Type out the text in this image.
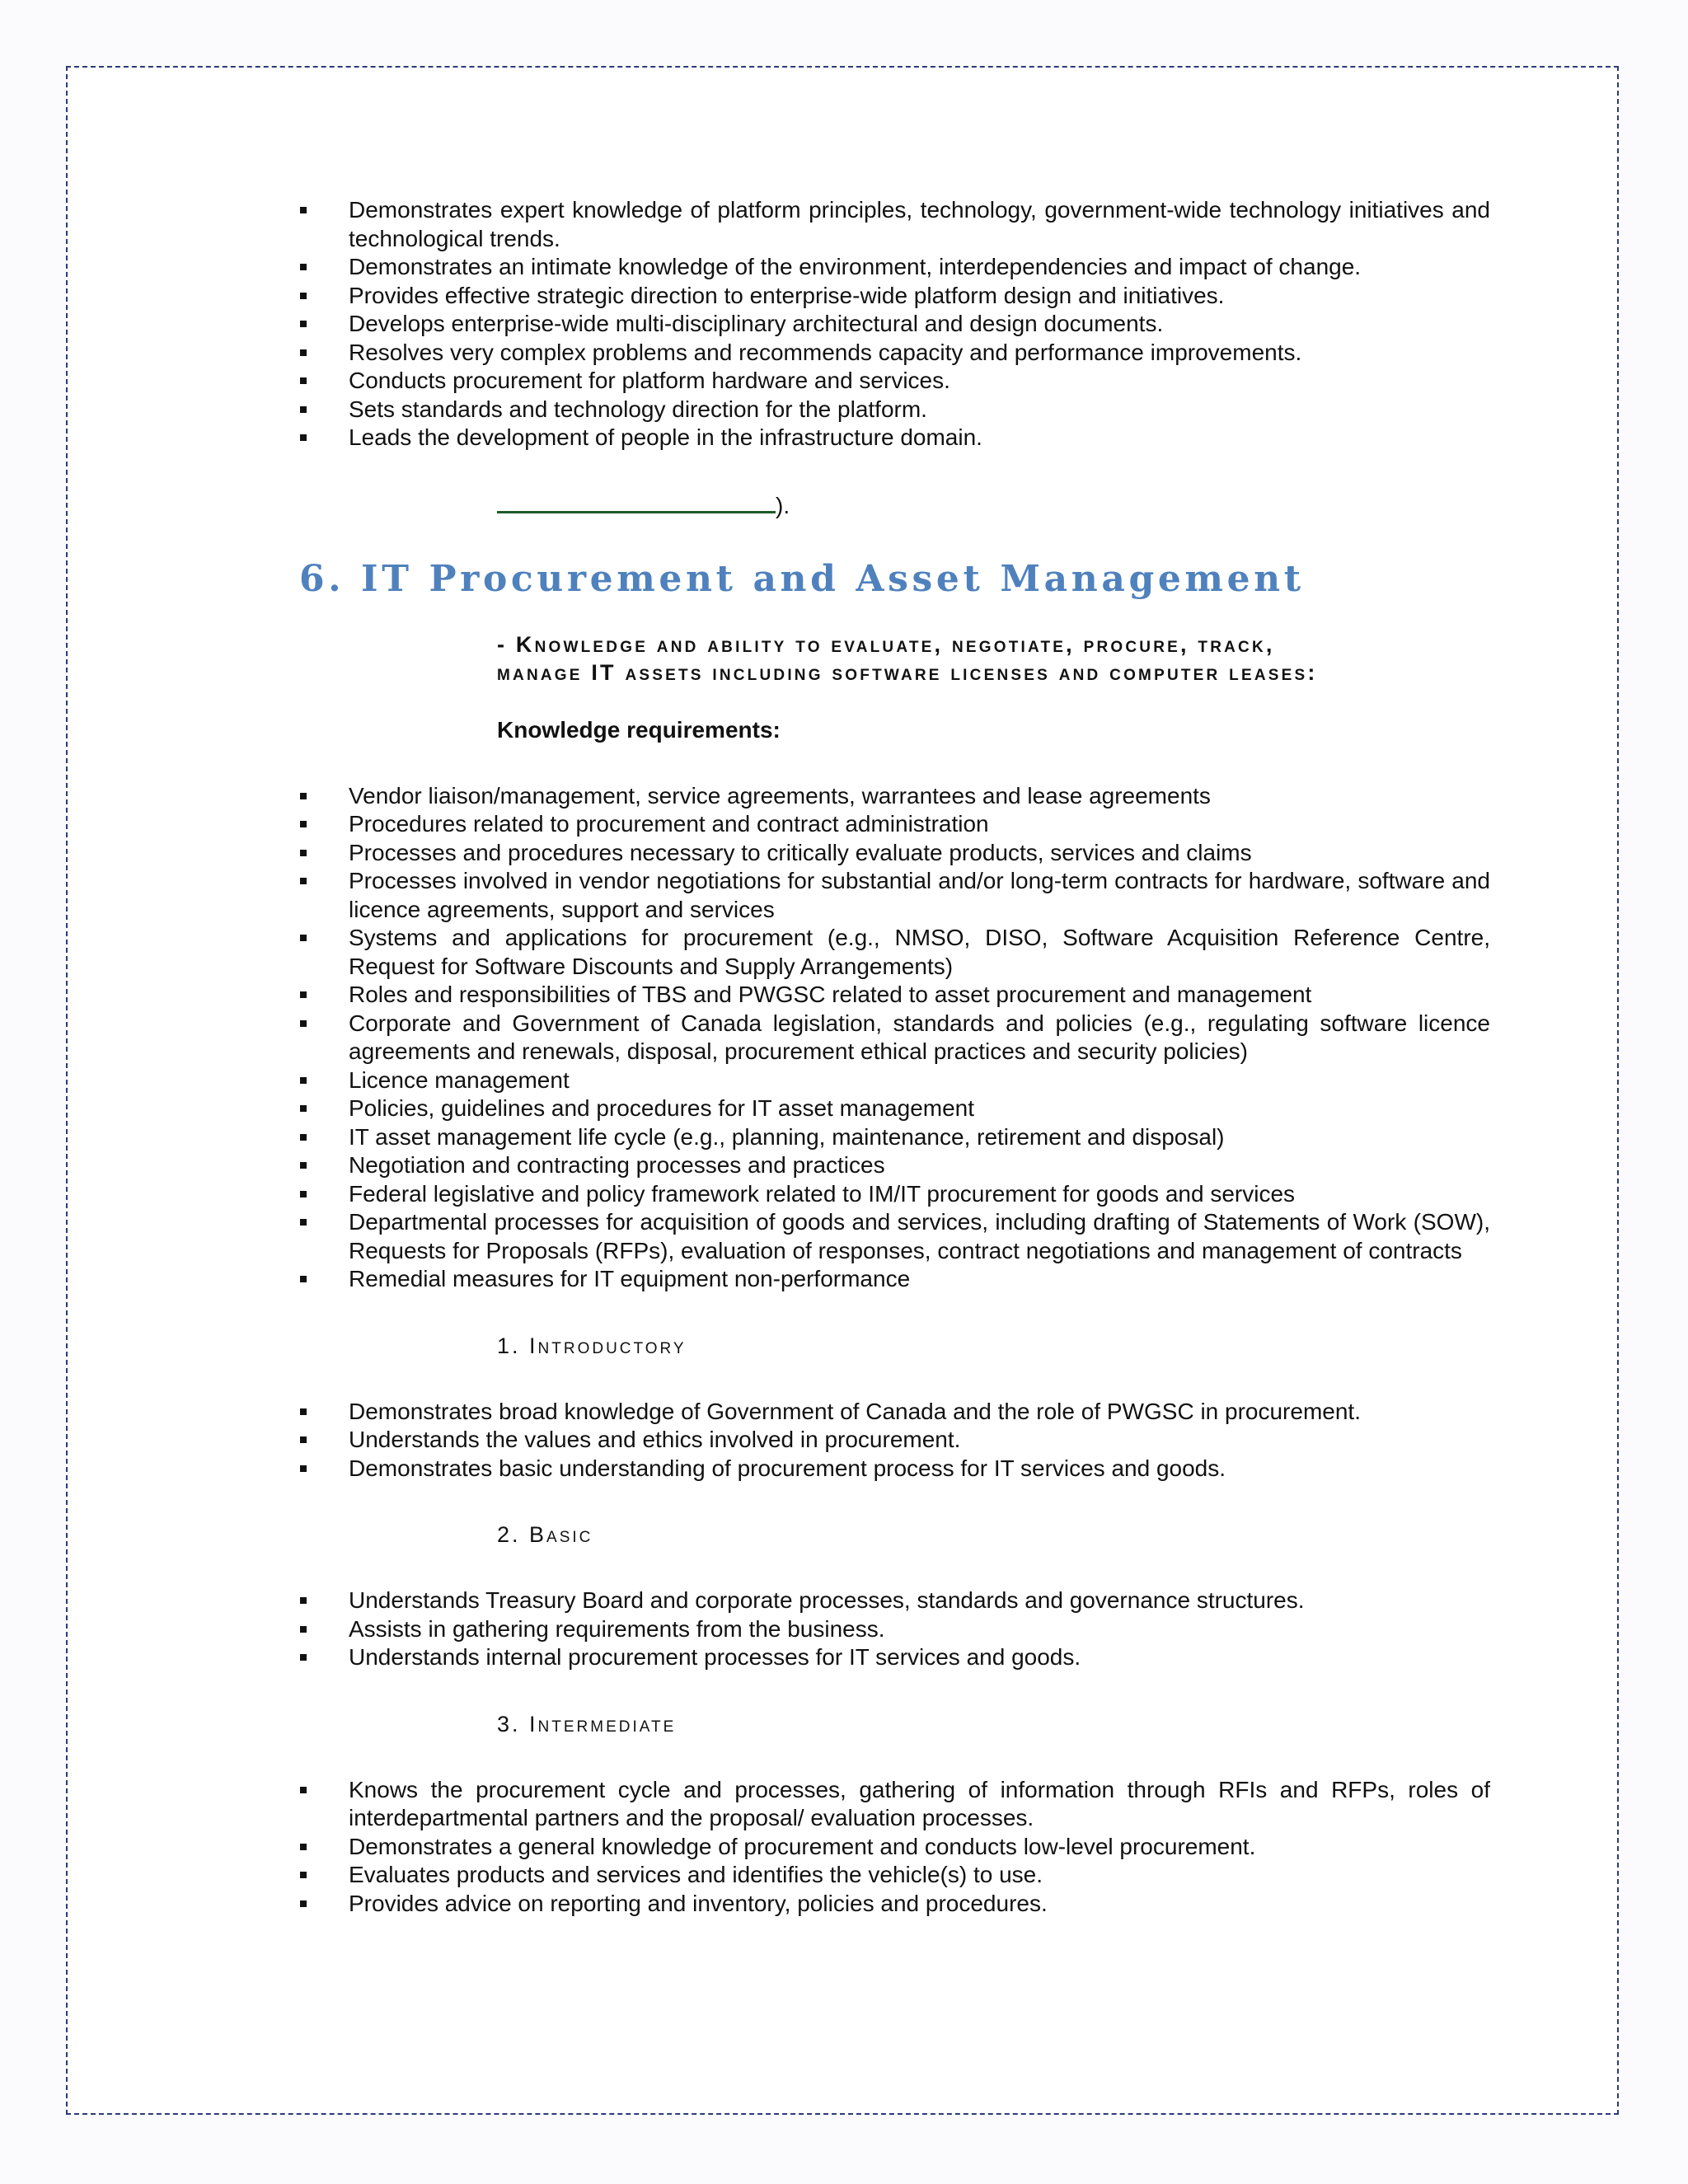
Demonstrates expert knowledge of platform principles, technology, government-wide technology initiatives and technological trends.
Demonstrates an intimate knowledge of the environment, interdependencies and impact of change.
Provides effective strategic direction to enterprise-wide platform design and initiatives.
Develops enterprise-wide multi-disciplinary architectural and design documents.
Resolves very complex problems and recommends capacity and performance improvements.
Conducts procurement for platform hardware and services.
Sets standards and technology direction for the platform.
Leads the development of people in the infrastructure domain.
).
6. IT Procurement and Asset Management
- Knowledge and ability to evaluate, negotiate, procure, track,
manage IT assets including software licenses and computer leases:
Knowledge requirements:
Vendor liaison/management, service agreements, warrantees and lease agreements
Procedures related to procurement and contract administration
Processes and procedures necessary to critically evaluate products, services and claims
Processes involved in vendor negotiations for substantial and/or long-term contracts for hardware, software and licence agreements, support and services
Systems and applications for procurement (e.g., NMSO, DISO, Software Acquisition Reference Centre, Request for Software Discounts and Supply Arrangements)
Roles and responsibilities of TBS and PWGSC related to asset procurement and management
Corporate and Government of Canada legislation, standards and policies (e.g., regulating software licence agreements and renewals, disposal, procurement ethical practices and security policies)
Licence management
Policies, guidelines and procedures for IT asset management
IT asset management life cycle (e.g., planning, maintenance, retirement and disposal)
Negotiation and contracting processes and practices
Federal legislative and policy framework related to IM/IT procurement for goods and services
Departmental processes for acquisition of goods and services, including drafting of Statements of Work (SOW), Requests for Proposals (RFPs), evaluation of responses, contract negotiations and management of contracts
Remedial measures for IT equipment non-performance
1. Introductory
Demonstrates broad knowledge of Government of Canada and the role of PWGSC in procurement.
Understands the values and ethics involved in procurement.
Demonstrates basic understanding of procurement process for IT services and goods.
2. Basic
Understands Treasury Board and corporate processes, standards and governance structures.
Assists in gathering requirements from the business.
Understands internal procurement processes for IT services and goods.
3. Intermediate
Knows the procurement cycle and processes, gathering of information through RFIs and RFPs, roles of interdepartmental partners and the proposal/ evaluation processes.
Demonstrates a general knowledge of procurement and conducts low-level procurement.
Evaluates products and services and identifies the vehicle(s) to use.
Provides advice on reporting and inventory, policies and procedures.
